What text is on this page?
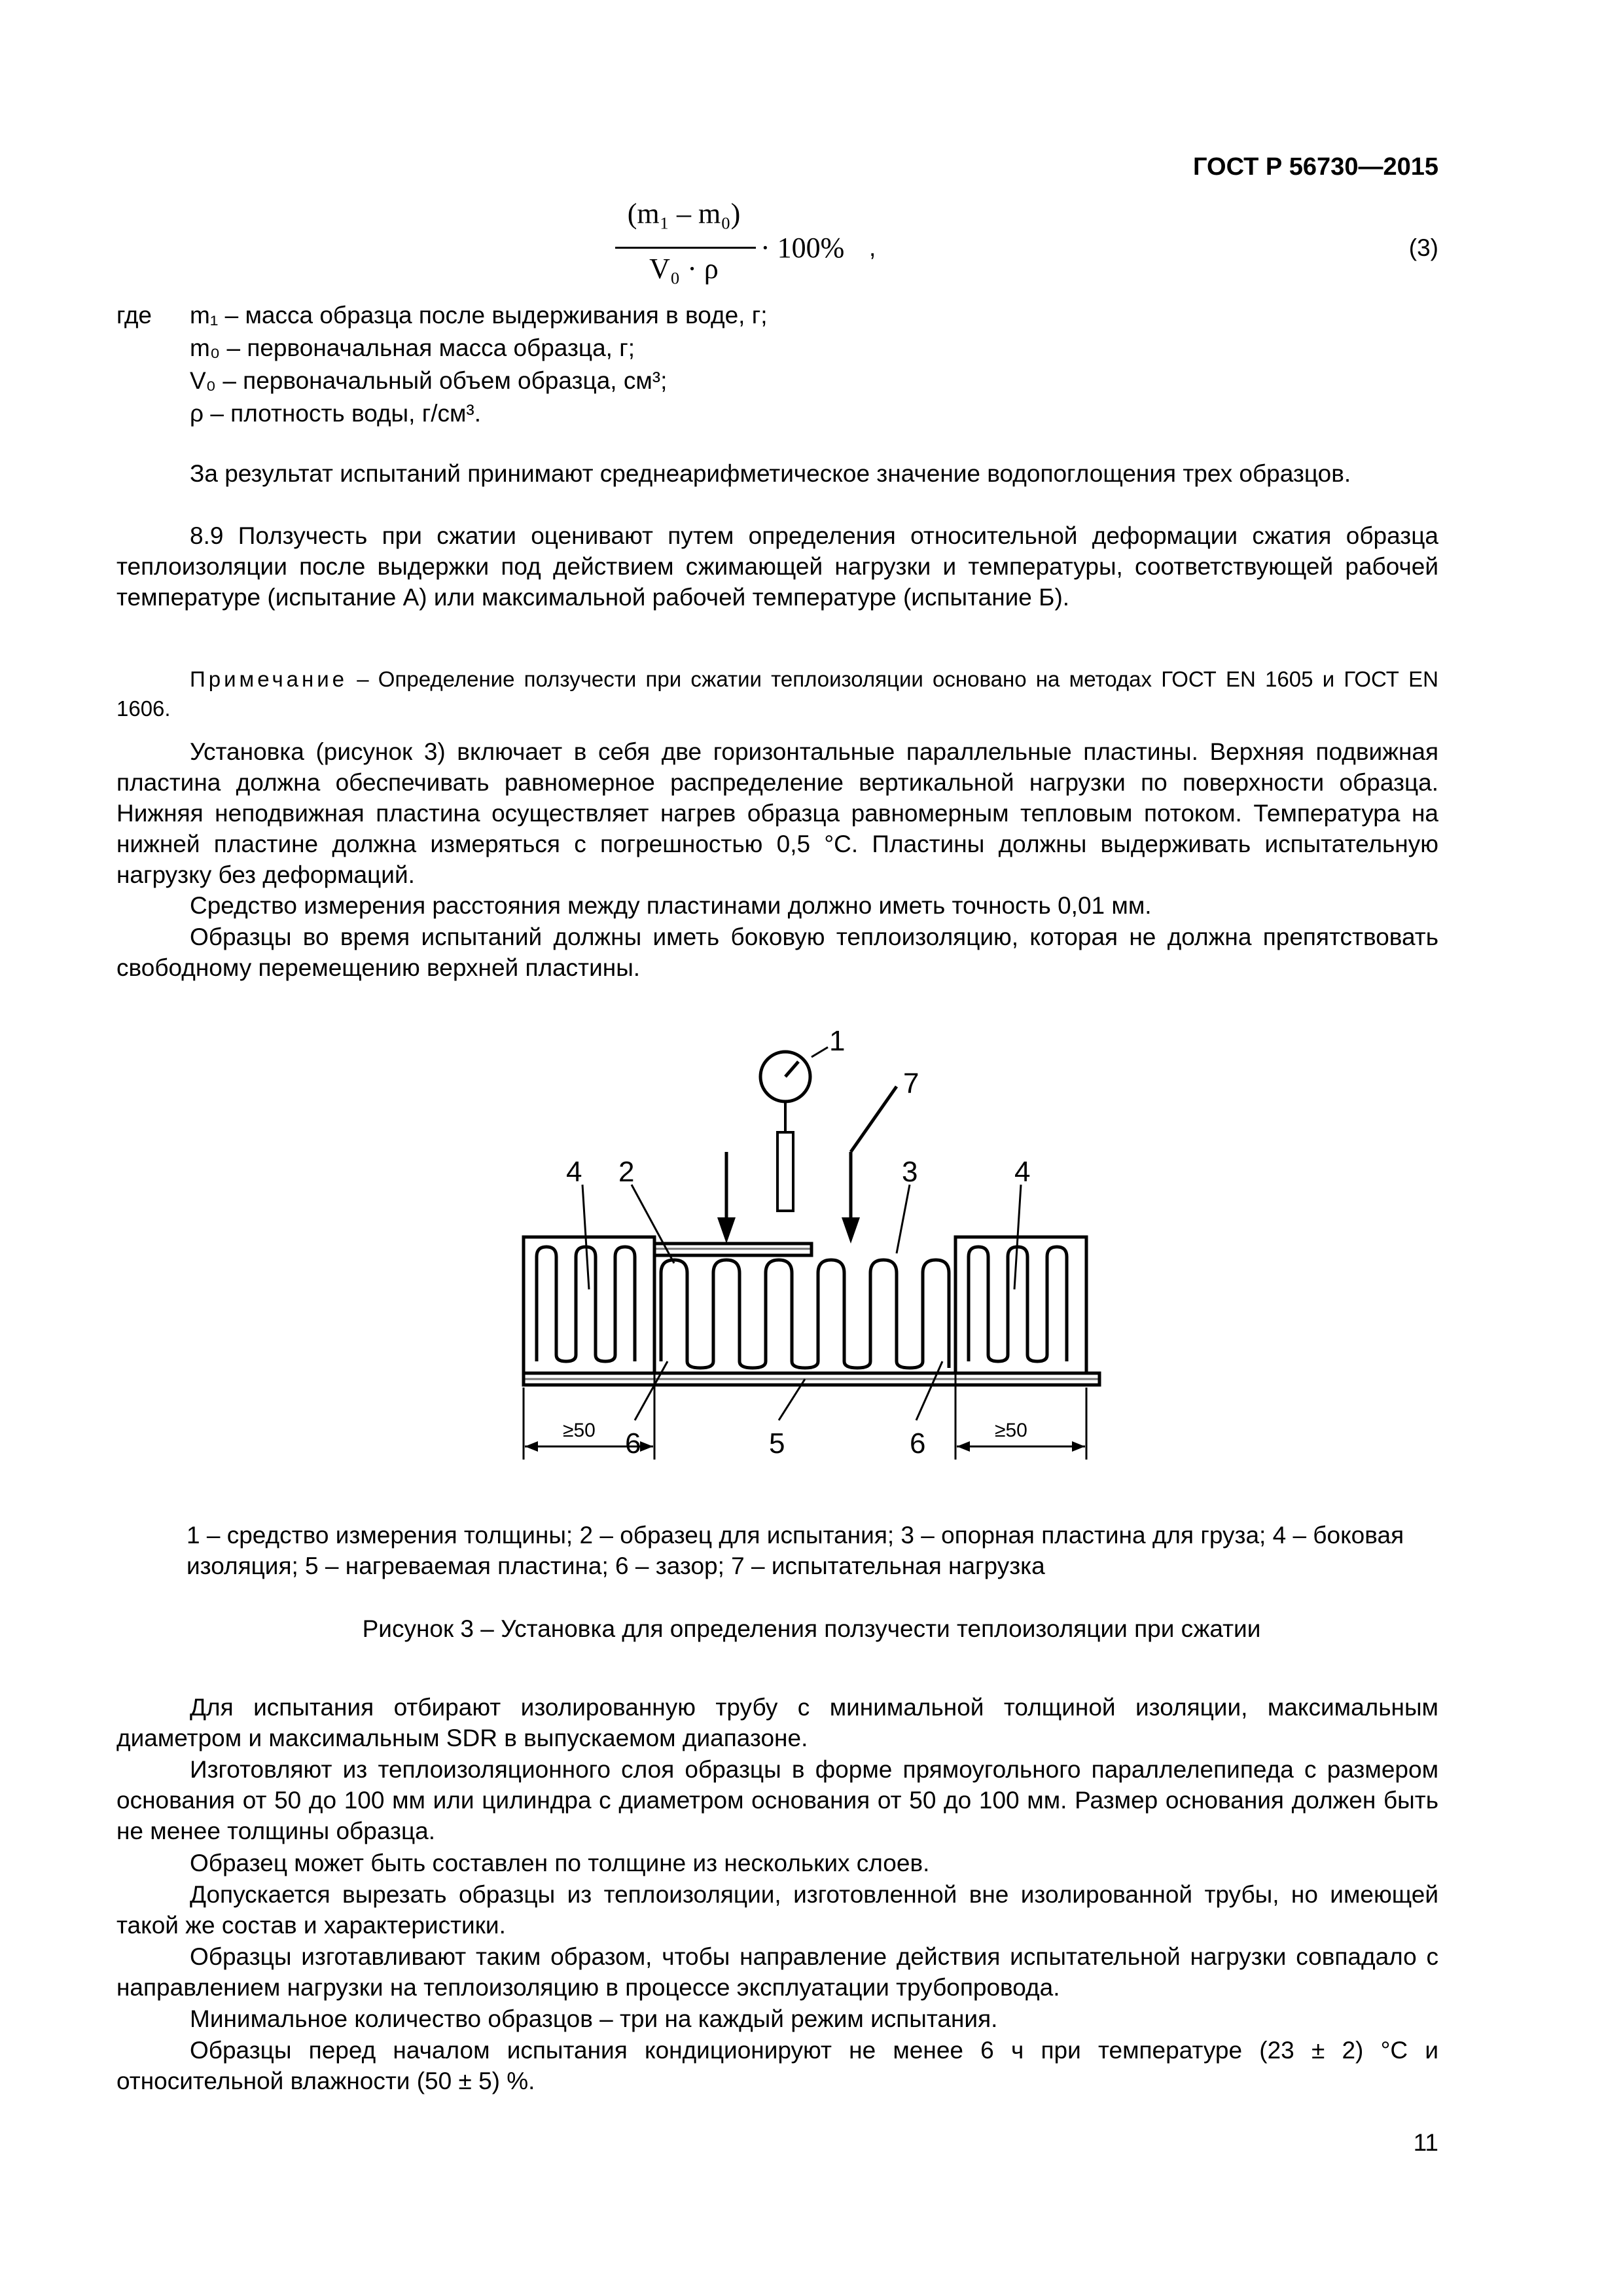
ГОСТ Р 56730—2015
(m₁ – m₀)
V₀ · ρ
· 100% ,	(3)
где m₁ – масса образца после выдерживания в воде, г;
m₀ – первоначальная масса образца, г;
V₀ – первоначальный объем образца, см³;
ρ – плотность воды, г/см³.
За результат испытаний принимают среднеарифметическое значение водопоглощения трех образцов.
8.9 Ползучесть при сжатии оценивают путем определения относительной деформации сжатия образца теплоизоляции после выдержки под действием сжимающей нагрузки и температуры, соответствующей рабочей температуре (испытание А) или максимальной рабочей температуре (испытание Б).
Примечание – Определение ползучести при сжатии теплоизоляции основано на методах ГОСТ EN 1605 и ГОСТ EN 1606.
Установка (рисунок 3) включает в себя две горизонтальные параллельные пластины. Верхняя подвижная пластина должна обеспечивать равномерное распределение вертикальной нагрузки по поверхности образца. Нижняя неподвижная пластина осуществляет нагрев образца равномерным тепловым потоком. Температура на нижней пластине должна измеряться с погрешностью 0,5 °С. Пластины должны выдерживать испытательную нагрузку без деформаций.
Средство измерения расстояния между пластинами должно иметь точность 0,01 мм.
Образцы во время испытаний должны иметь боковую теплоизоляцию, которая не должна препятствовать свободному перемещению верхней пластины.
1
7
4 2	3	4
6	5	6
≥50	≥50
1 – средство измерения толщины; 2 – образец для испытания; 3 – опорная пластина для груза; 4 – боковая изоляция; 5 – нагреваемая пластина; 6 – зазор; 7 – испытательная нагрузка
Рисунок 3 – Установка для определения ползучести теплоизоляции при сжатии
Для испытания отбирают изолированную трубу с минимальной толщиной изоляции, максимальным диаметром и максимальным SDR в выпускаемом диапазоне.
Изготовляют из теплоизоляционного слоя образцы в форме прямоугольного параллелепипеда с размером основания от 50 до 100 мм или цилиндра с диаметром основания от 50 до 100 мм. Размер основания должен быть не менее толщины образца.
Образец может быть составлен по толщине из нескольких слоев.
Допускается вырезать образцы из теплоизоляции, изготовленной вне изолированной трубы, но имеющей такой же состав и характеристики.
Образцы изготавливают таким образом, чтобы направление действия испытательной нагрузки совпадало с направлением нагрузки на теплоизоляцию в процессе эксплуатации трубопровода.
Минимальное количество образцов – три на каждый режим испытания.
Образцы перед началом испытания кондиционируют не менее 6 ч при температуре (23 ± 2) °С и относительной влажности (50 ± 5) %.
11
